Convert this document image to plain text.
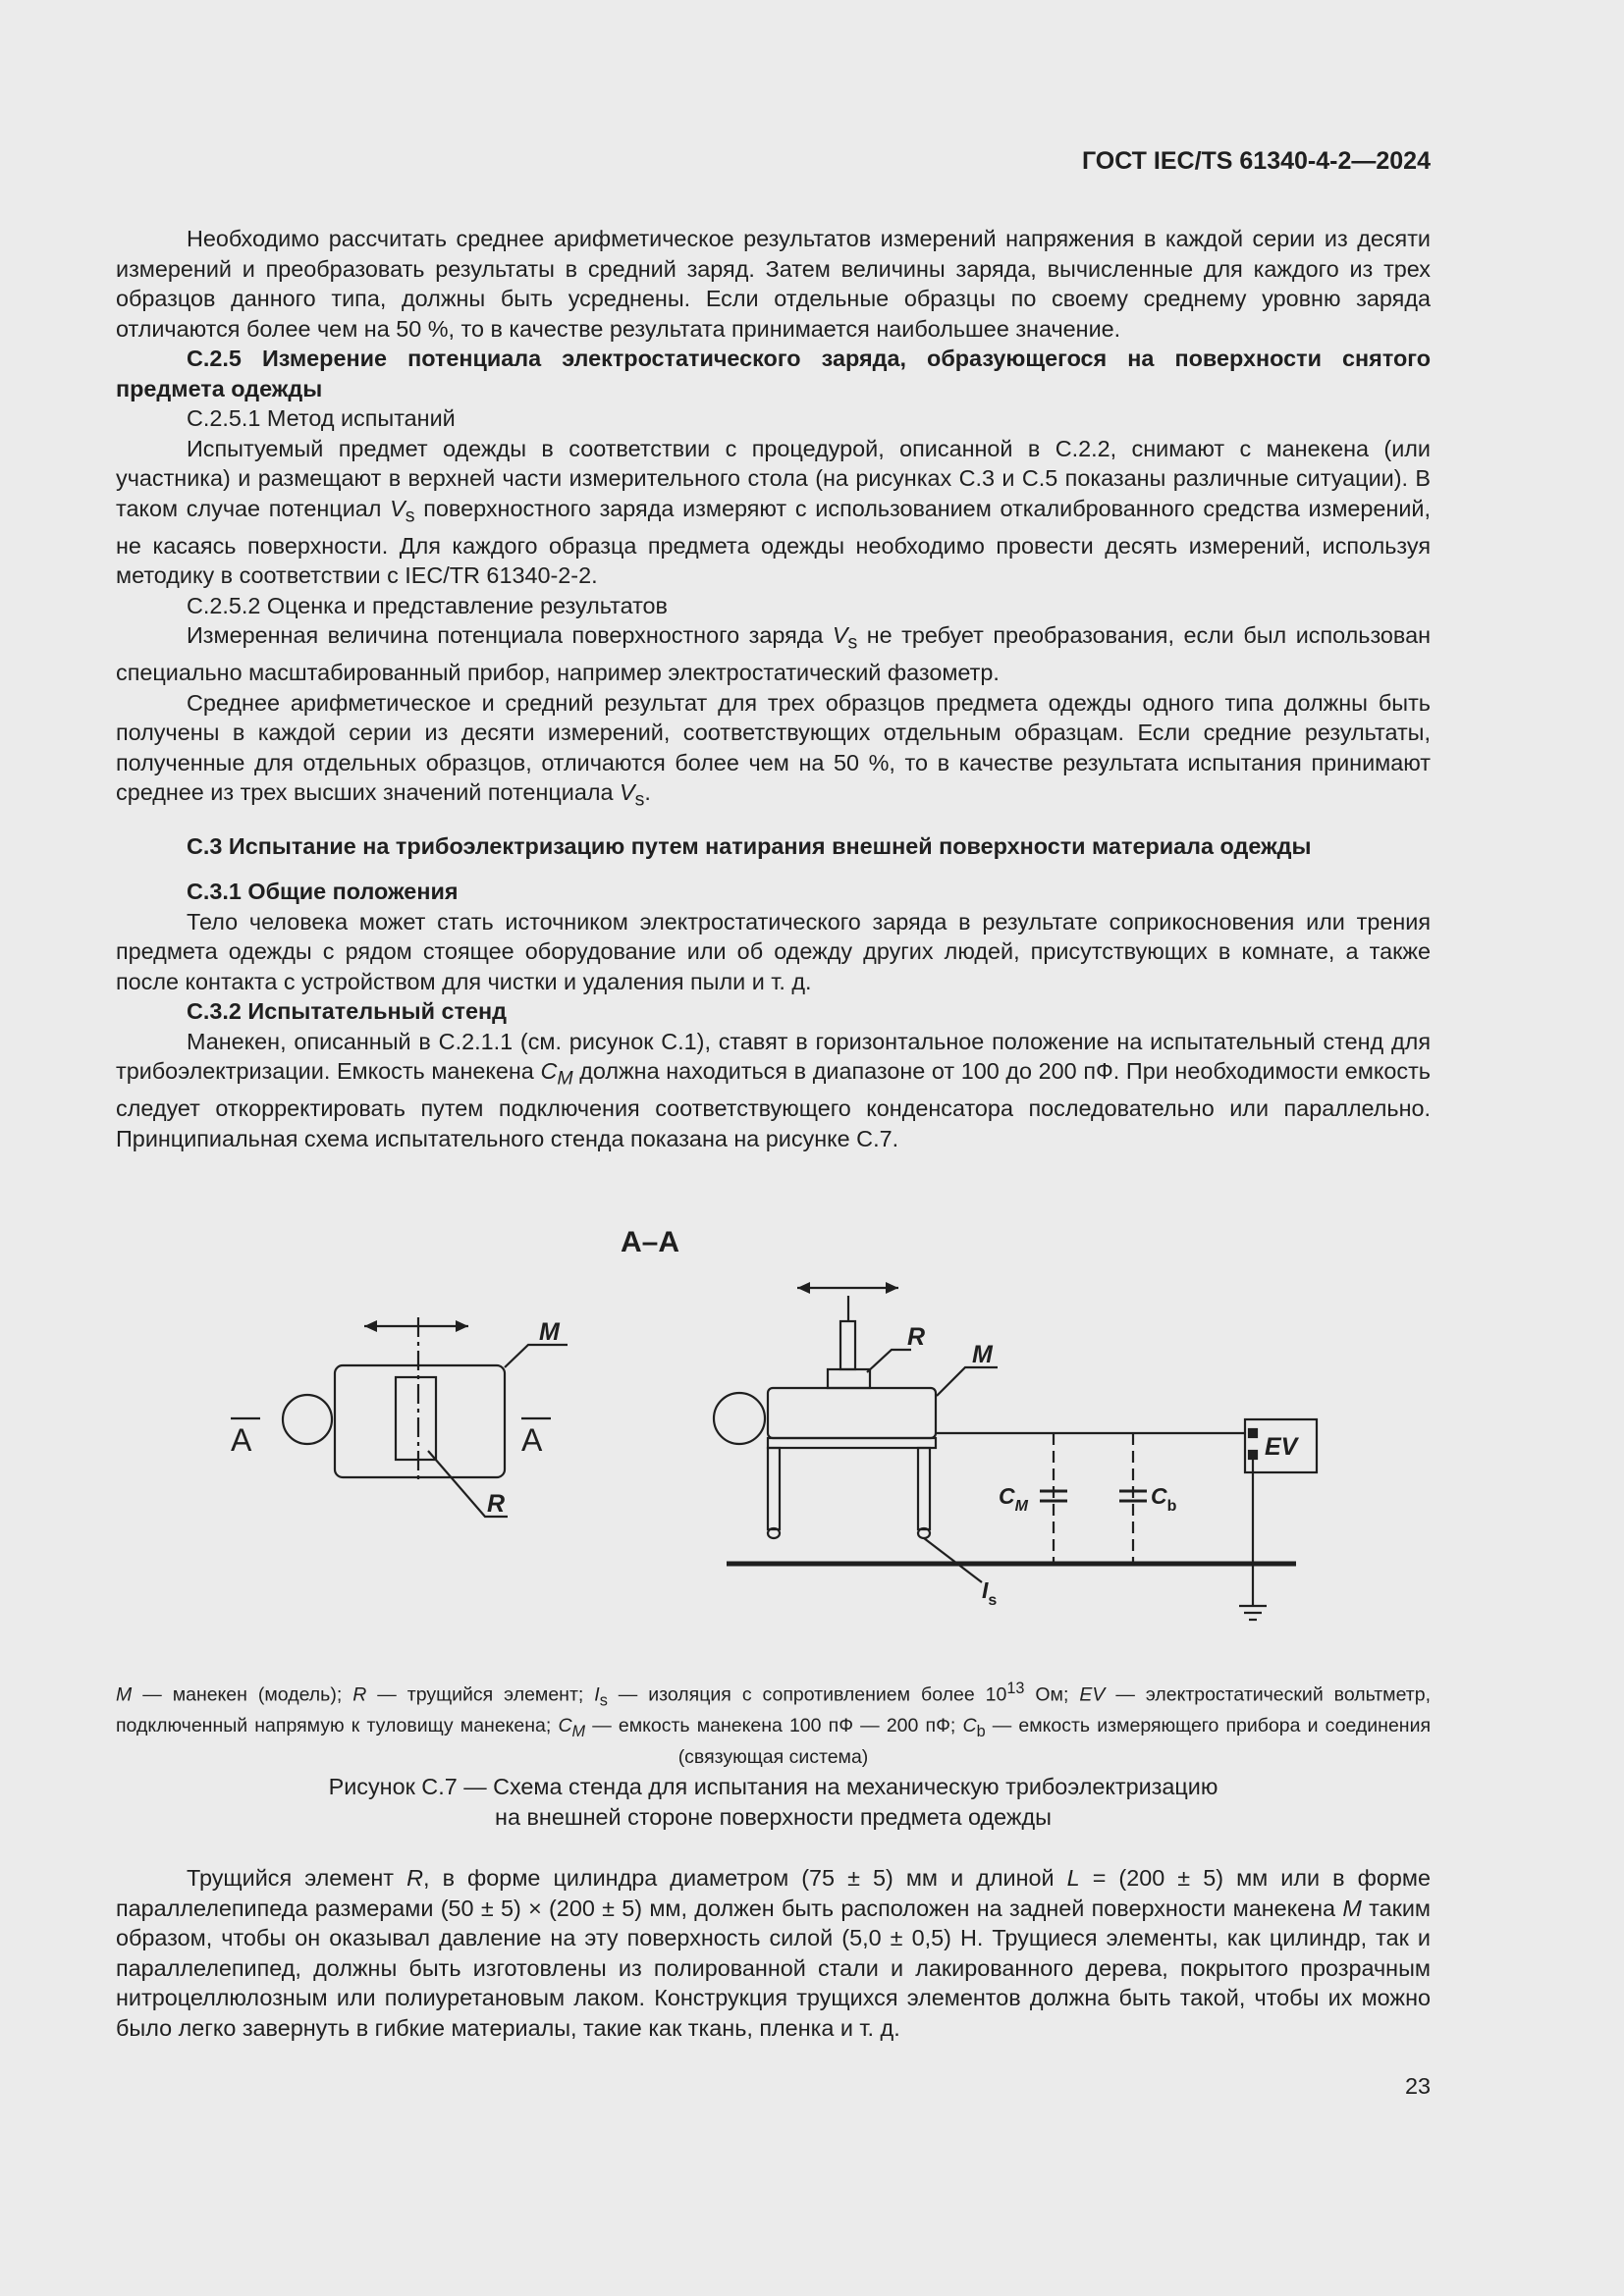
ГОСТ IEC/TS 61340-4-2—2024

Необходимо рассчитать среднее арифметическое результатов измерений напряжения в каждой серии из десяти измерений и преобразовать результаты в средний заряд. Затем величины заряда, вычисленные для каждого из трех образцов данного типа, должны быть усреднены. Если отдельные образцы по своему среднему уровню заряда отличаются более чем на 50 %, то в качестве результата принимается наибольшее значение.

С.2.5 Измерение потенциала электростатического заряда, образующегося на поверхности снятого предмета одежды

С.2.5.1 Метод испытаний

Испытуемый предмет одежды в соответствии с процедурой, описанной в С.2.2, снимают с манекена (или участника) и размещают в верхней части измерительного стола (на рисунках С.3 и С.5 показаны различные ситуации). В таком случае потенциал $V_s$ поверхностного заряда измеряют с использованием откалиброванного средства измерений, не касаясь поверхности. Для каждого образца предмета одежды необходимо провести десять измерений, используя методику в соответствии с IEC/TR 61340-2-2.

С.2.5.2 Оценка и представление результатов

Измеренная величина потенциала поверхностного заряда $V_s$ не требует преобразования, если был использован специально масштабированный прибор, например электростатический фазометр.

Среднее арифметическое и средний результат для трех образцов предмета одежды одного типа должны быть получены в каждой серии из десяти измерений, соответствующих отдельным образцам. Если средние результаты, полученные для отдельных образцов, отличаются более чем на 50 %, то в качестве результата испытания принимают среднее из трех высших значений потенциала $V_s$.

С.3 Испытание на трибоэлектризацию путем натирания внешней поверхности материала одежды

С.3.1 Общие положения

Тело человека может стать источником электростатического заряда в результате соприкосновения или трения предмета одежды с рядом стоящее оборудование или об одежду других людей, присутствующих в комнате, а также после контакта с устройством для чистки и удаления пыли и т. д.

С.3.2 Испытательный стенд

Манекен, описанный в С.2.1.1 (см. рисунок С.1), ставят в горизонтальное положение на испытательный стенд для трибоэлектризации. Емкость манекена $C_M$ должна находиться в диапазоне от 100 до 200 пФ. При необходимости емкость следует откорректировать путем подключения соответствующего конденсатора последовательно или параллельно. Принципиальная схема испытательного стенда показана на рисунке С.7.

А–А
А	А
M
R
R
M
EV
$C_M$	$C_b$
$I_s$

M — манекен (модель); R — трущийся элемент; $I_s$ — изоляция с сопротивлением более $10^{13}$ Ом; EV — электростатический вольтметр, подключенный напрямую к туловищу манекена; $C_M$ — емкость манекена 100 пФ — 200 пФ; $C_b$ — емкость измеряющего прибора и соединения (связующая система)

Рисунок С.7 — Схема стенда для испытания на механическую трибоэлектризацию

на внешней стороне поверхности предмета одежды

Трущийся элемент R, в форме цилиндра диаметром (75 ± 5) мм и длиной L = (200 ± 5) мм или в форме параллелепипеда размерами (50 ± 5) × (200 ± 5) мм, должен быть расположен на задней поверхности манекена M таким образом, чтобы он оказывал давление на эту поверхность силой (5,0 ± 0,5) Н. Трущиеся элементы, как цилиндр, так и параллелепипед, должны быть изготовлены из полированной стали и лакированного дерева, покрытого прозрачным нитроцеллюлозным или полиуретановым лаком. Конструкция трущихся элементов должна быть такой, чтобы их можно было легко завернуть в гибкие материалы, такие как ткань, пленка и т. д.

23
